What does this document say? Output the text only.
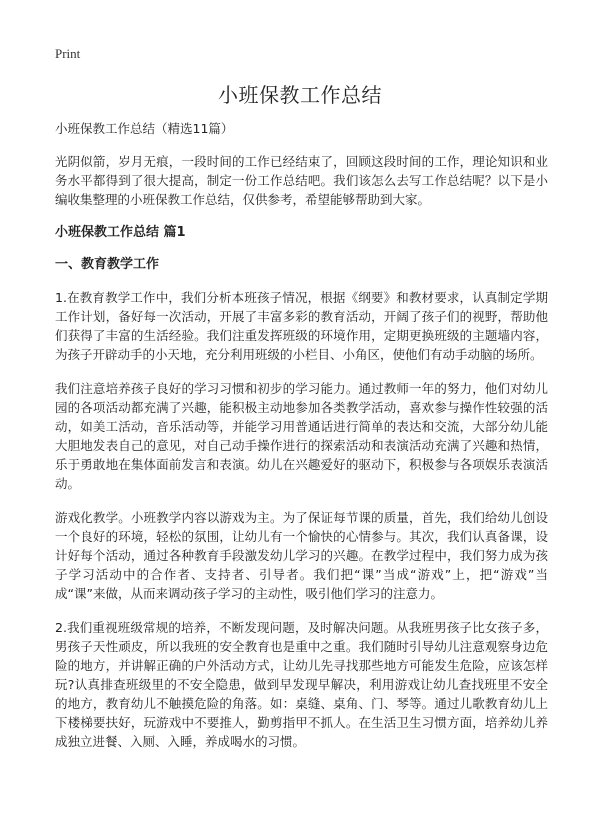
Print
小班保教工作总结
小班保教工作总结（精选11篇）

光阴似箭，岁月无痕，一段时间的工作已经结束了，回顾这段时间的工作，理论知识和业务水平都得到了很大提高，制定一份工作总结吧。我们该怎么去写工作总结呢？以下是小编收集整理的小班保教工作总结，仅供参考，希望能够帮助到大家。

小班保教工作总结 篇1
一、教育教学工作

1.在教育教学工作中，我们分析本班孩子情况，根据《纲要》和教材要求，认真制定学期工作计划，备好每一次活动，开展了丰富多彩的教育活动，开阔了孩子们的视野，帮助他们获得了丰富的生活经验。我们注重发挥班级的环境作用，定期更换班级的主题墙内容，为孩子开辟动手的小天地，充分利用班级的小栏目、小角区，使他们有动手动脑的场所。

我们注意培养孩子良好的学习习惯和初步的学习能力。通过教师一年的努力，他们对幼儿园的各项活动都充满了兴趣，能积极主动地参加各类教学活动，喜欢参与操作性较强的活动，如美工活动，音乐活动等，并能学习用普通话进行简单的表达和交流，大部分幼儿能大胆地发表自己的意见，对自己动手操作进行的探索活动和表演活动充满了兴趣和热情，乐于勇敢地在集体面前发言和表演。幼儿在兴趣爱好的驱动下，积极参与各项娱乐表演活动。

游戏化教学。小班教学内容以游戏为主。为了保证每节课的质量，首先，我们给幼儿创设一个良好的环境，轻松的氛围，让幼儿有一个愉快的心情参与。其次，我们认真备课，设计好每个活动，通过各种教育手段激发幼儿学习的兴趣。在教学过程中，我们努力成为孩子学习活动中的合作者、支持者、引导者。我们把“课”当成“游戏”上，把“游戏”当成“课”来做，从而来调动孩子学习的主动性，吸引他们学习的注意力。

2.我们重视班级常规的培养，不断发现问题，及时解决问题。从我班男孩子比女孩子多，男孩子天性顽皮，所以我班的安全教育也是重中之重。我们随时引导幼儿注意观察身边危险的地方，并讲解正确的户外活动方式，让幼儿先寻找那些地方可能发生危险，应该怎样玩?认真排查班级里的不安全隐患，做到早发现早解决，利用游戏让幼儿查找班里不安全的地方，教育幼儿不触摸危险的角落。如：桌缝、桌角、门、琴等。通过儿歌教育幼儿上下楼梯要扶好，玩游戏中不要推人，勤剪指甲不抓人。在生活卫生习惯方面，培养幼儿养成独立进餐、入厕、入睡，养成喝水的习惯。
